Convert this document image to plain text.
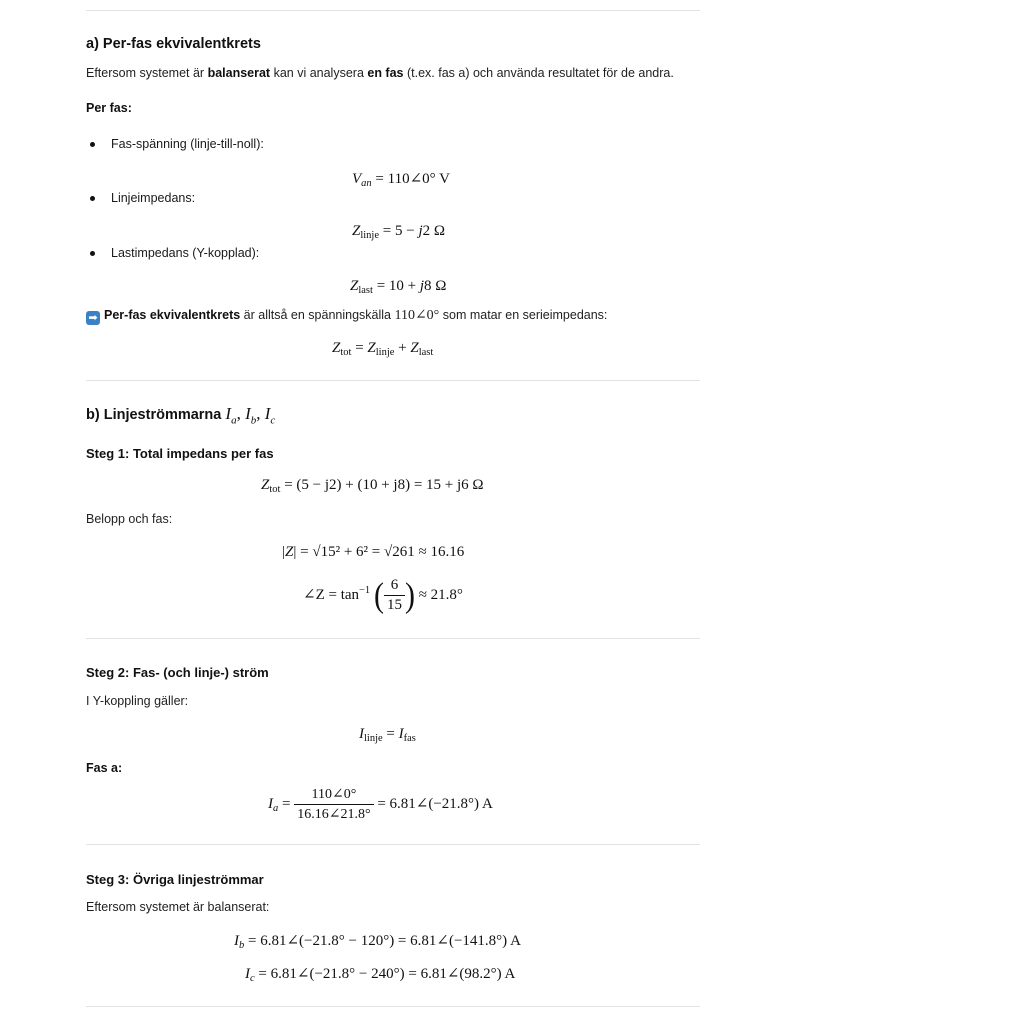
a) Per-fas ekvivalentkrets
Eftersom systemet är balanserat kan vi analysera en fas (t.ex. fas a) och använda resultatet för de andra.
Per fas:
Fas-spänning (linje-till-noll):
$V_{an}$ = 110∠0° V
Linjeimpedans:
$Z_{linje} = 5 - j2$ Ω
Lastimpedans (Y-kopplad):
$Z_{last} = 10 + j8$ Ω
➡ Per-fas ekvivalentkrets är alltså en spänningskälla 110∠0° som matar en serieimpedans:
$Z_{tot} = Z_{linje} + Z_{last}$
b) Linjeströmmarna $I_a$, $I_b$, $I_c$
Steg 1: Total impedans per fas
$Z_{tot} = (5 - j2) + (10 + j8) = 15 + j6$ Ω
Belopp och fas:
|Z| = √15² + 6² = √261 ≈ 16.16
∠Z = $\tan^{-1}$ ( $\frac{6}{15}$ ) ≈ 21.8°
Steg 2: Fas- (och linje-) ström
I Y-koppling gäller:
$I_{linje} = I_{fas}$
Fas a:
$I_a = \frac{110\angle 0^\circ}{16.16\angle 21.8^\circ}$ = 6.81∠(−21.8°) A
Steg 3: Övriga linjeströmmar
Eftersom systemet är balanserat:
$I_b$ = 6.81∠(−21.8° − 120°) = 6.81∠(−141.8°) A
$I_c$ = 6.81∠(−21.8° − 240°) = 6.81∠(98.2°) A
